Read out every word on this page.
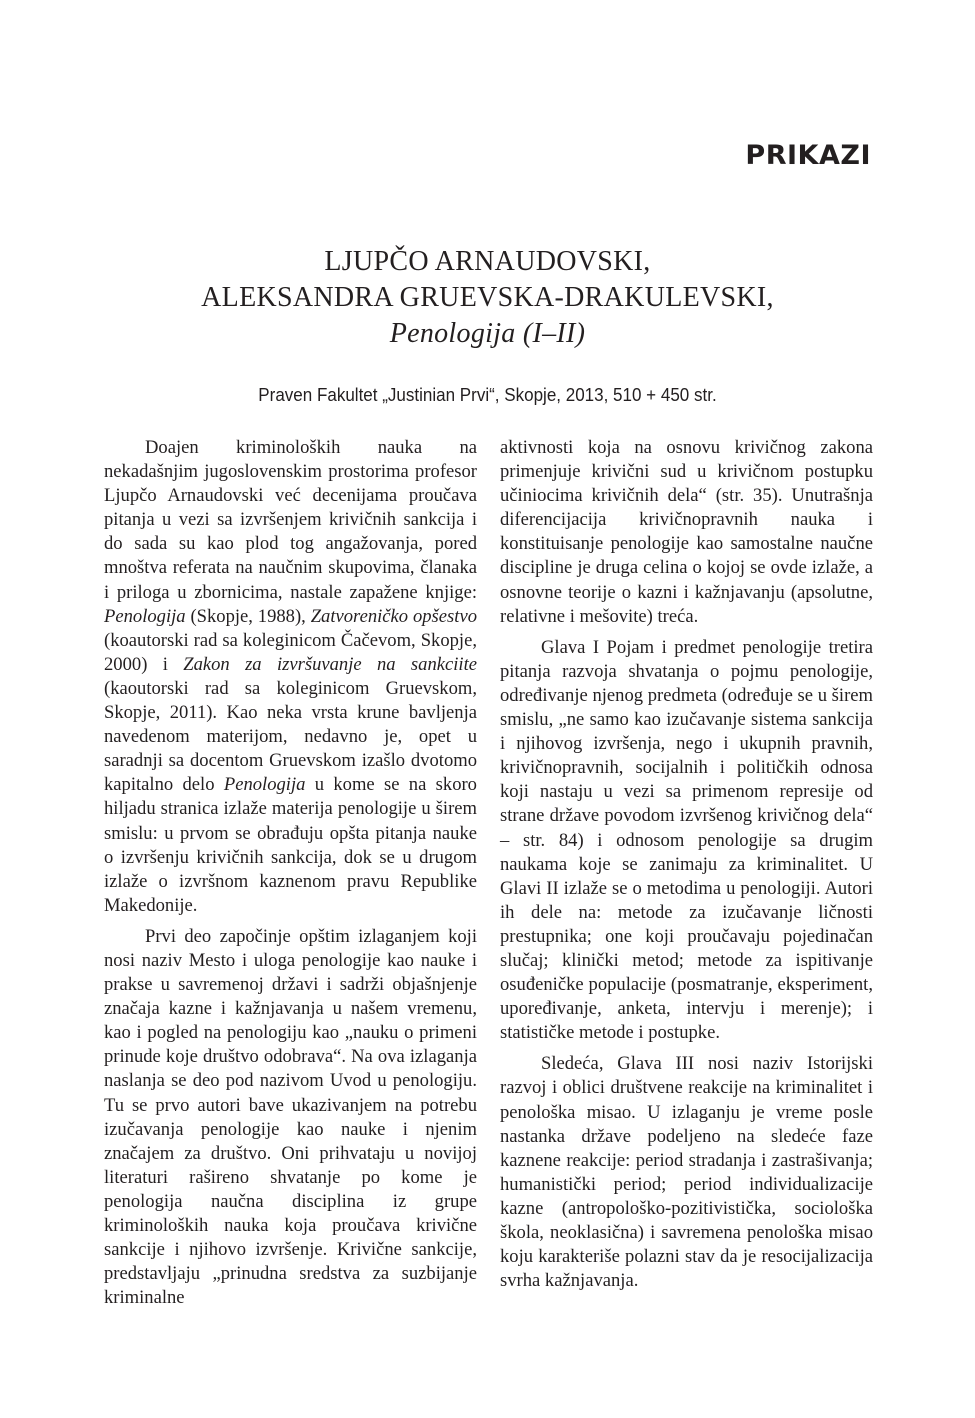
PRIKAZI
LJUPČO ARNAUDOVSKI,
ALEKSANDRA GRUEVSKA-DRAKULEVSKI,
Penologija (I–II)
Praven Fakultet „Justinian Prvi“, Skopje, 2013, 510 + 450 str.

Doajen kriminoloških nauka na nekadašnjim jugoslovenskim prostorima profesor Ljupčo Arnaudovski već decenijama proučava pitanja u vezi sa izvršenjem krivičnih sankcija i do sada su kao plod tog angažovanja, pored mnoštva referata na naučnim skupovima, članaka i priloga u zbornicima, nastale zapažene knjige: Penologija (Skopje, 1988), Zatvoreničko opšestvo (koautorski rad sa koleginicom Čačevom, Skopje, 2000) i Zakon za izvršuvanje na sankciite (kaoutorski rad sa koleginicom Gruevskom, Skopje, 2011). Kao neka vrsta krune bavljenja navedenom materijom, nedavno je, opet u saradnji sa docentom Gruevskom izašlo dvotomo kapitalno delo Penologija u kome se na skoro hiljadu stranica izlaže materija penologije u širem smislu: u prvom se obrađuju opšta pitanja nauke o izvršenju krivičnih sankcija, dok se u drugom izlaže o izvršnom kaznenom pravu Republike Makedonije.

Prvi deo započinje opštim izlaganjem koji nosi naziv Mesto i uloga penologije kao nauke i prakse u savremenoj državi i sadrži objašnjenje značaja kazne i kažnjavanja u našem vremenu, kao i pogled na penologiju kao „nauku o primeni prinude koje društvo odobrava“. Na ova izlaganja naslanja se deo pod nazivom Uvod u penologiju. Tu se prvo autori bave ukazivanjem na potrebu izučavanja penologije kao nauke i njenim značajem za društvo. Oni prihvataju u novijoj literaturi rašireno shvatanje po kome je penologija naučna disciplina iz grupe kriminoloških nauka koja proučava krivične sankcije i njihovo izvršenje. Krivične sankcije, predstavljaju „prinudna sredstva za suzbijanje kriminalne

aktivnosti koja na osnovu krivičnog zakona primenjuje krivični sud u krivičnom postupku učiniocima krivičnih dela“ (str. 35). Unutrašnja diferencijacija krivičnopravnih nauka i konstituisanje penologije kao samostalne naučne discipline je druga celina o kojoj se ovde izlaže, a osnovne teorije o kazni i kažnjavanju (apsolutne, relativne i mešovite) treća.

Glava I Pojam i predmet penologije tretira pitanja razvoja shvatanja o pojmu penologije, određivanje njenog predmeta (određuje se u širem smislu, „ne samo kao izučavanje sistema sankcija i njihovog izvršenja, nego i ukupnih pravnih, krivičnopravnih, socijalnih i političkih odnosa koji nastaju u vezi sa primenom represije od strane države povodom izvršenog krivičnog dela“ – str. 84) i odnosom penologije sa drugim naukama koje se zanimaju za kriminalitet. U Glavi II izlaže se o metodima u penologiji. Autori ih dele na: metode za izučavanje ličnosti prestupnika; one koji proučavaju pojedinačan slučaj; klinički metod; metode za ispitivanje osuđeničke populacije (posmatranje, eksperiment, upoređivanje, anketa, intervju i merenje); i statističke metode i postupke.

Sledeća, Glava III nosi naziv Istorijski razvoj i oblici društvene reakcije na kriminalitet i penološka misao. U izlaganju je vreme posle nastanka države podeljeno na sledeće faze kaznene reakcije: period stradanja i zastrašivanja; humanistički period; period individualizacije kazne (antropološko-pozitivistička, sociološka škola, neoklasična) i savremena penološka misao koju karakteriše polazni stav da je resocijalizacija svrha kažnjavanja.
